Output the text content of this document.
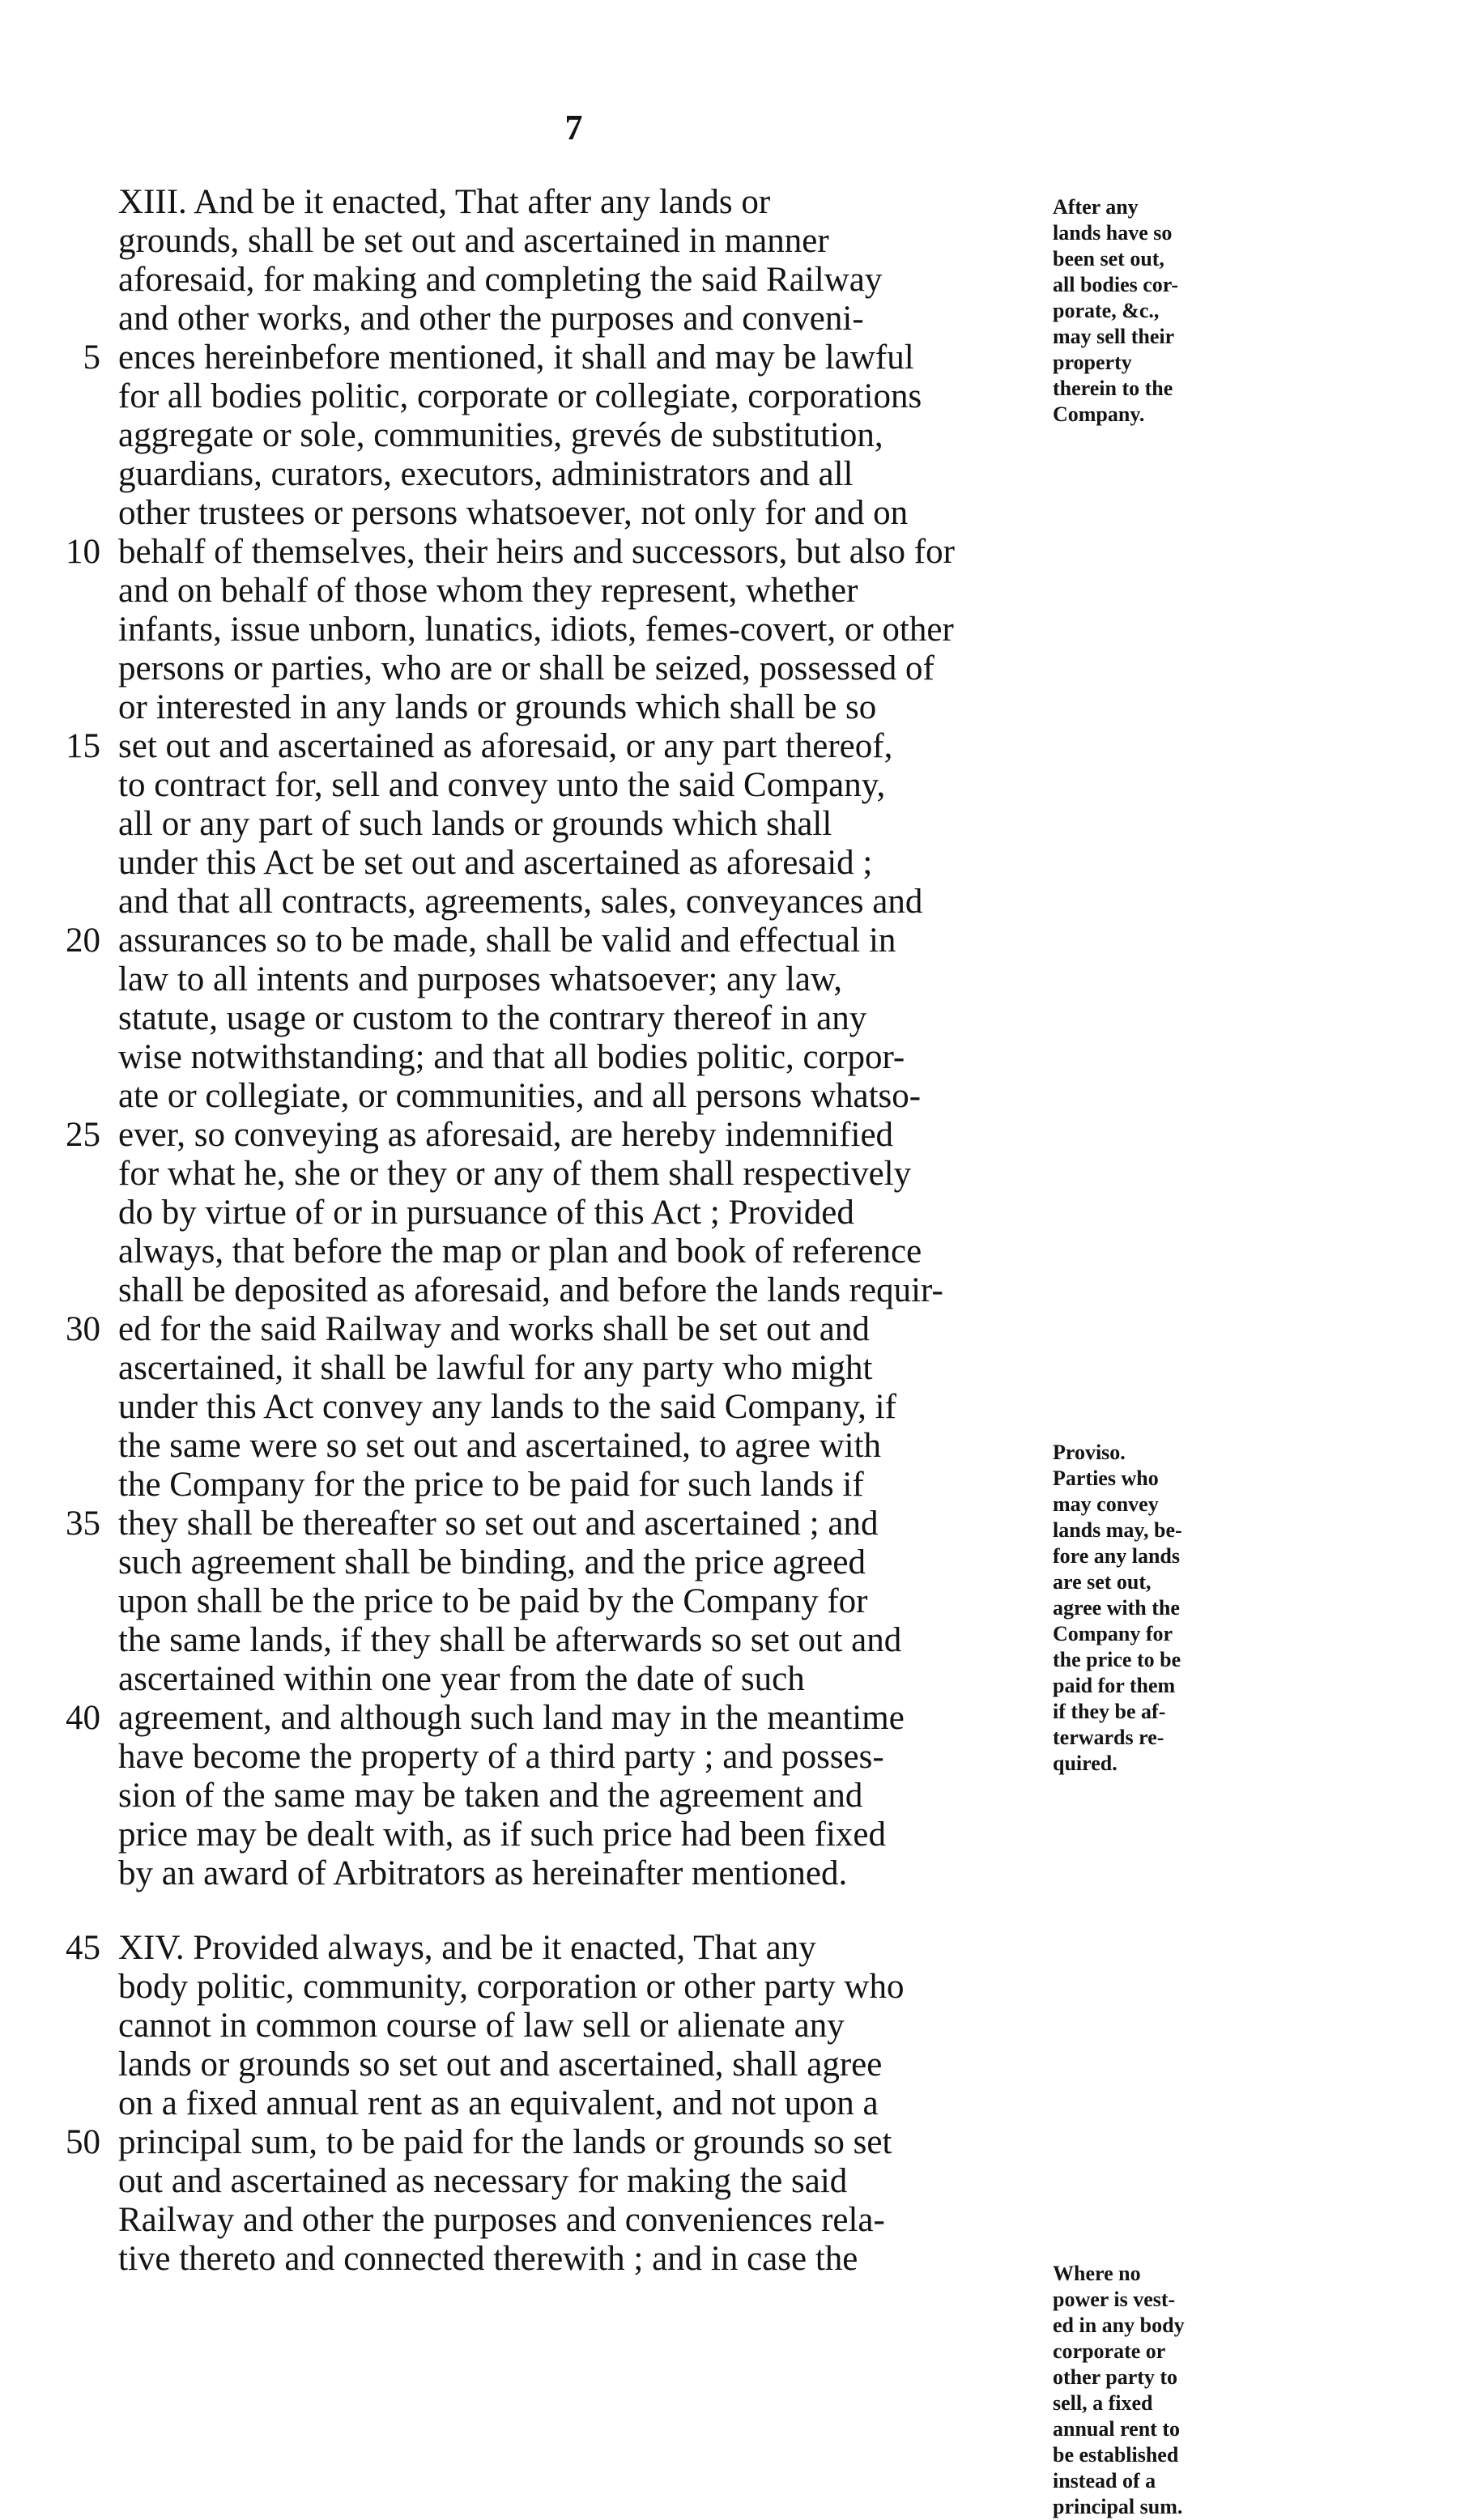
7
XIII. And be it enacted, That after any lands or
grounds, shall be set out and ascertained in manner
aforesaid, for making and completing the said Railway
and other works, and other the purposes and conveni-
5 ences hereinbefore mentioned, it shall and may be lawful
for all bodies politic, corporate or collegiate, corporations
aggregate or sole, communities, grevés de substitution,
guardians, curators, executors, administrators and all
other trustees or persons whatsoever, not only for and on
10 behalf of themselves, their heirs and successors, but also for
and on behalf of those whom they represent, whether
infants, issue unborn, lunatics, idiots, femes-covert, or other
persons or parties, who are or shall be seized, possessed of
or interested in any lands or grounds which shall be so
15 set out and ascertained as aforesaid, or any part thereof,
to contract for, sell and convey unto the said Company,
all or any part of such lands or grounds which shall
under this Act be set out and ascertained as aforesaid ;
and that all contracts, agreements, sales, conveyances and
20 assurances so to be made, shall be valid and effectual in
law to all intents and purposes whatsoever; any law,
statute, usage or custom to the contrary thereof in any
wise notwithstanding; and that all bodies politic, corpor-
ate or collegiate, or communities, and all persons whatso-
25 ever, so conveying as aforesaid, are hereby indemnified
for what he, she or they or any of them shall respectively
do by virtue of or in pursuance of this Act ; Provided
always, that before the map or plan and book of reference
shall be deposited as aforesaid, and before the lands requir-
30 ed for the said Railway and works shall be set out and
ascertained, it shall be lawful for any party who might
under this Act convey any lands to the said Company, if
the same were so set out and ascertained, to agree with
the Company for the price to be paid for such lands if
35 they shall be thereafter so set out and ascertained ; and
such agreement shall be binding, and the price agreed
upon shall be the price to be paid by the Company for
the same lands, if they shall be afterwards so set out and
ascertained within one year from the date of such
40 agreement, and although such land may in the meantime
have become the property of a third party ; and posses-
sion of the same may be taken and the agreement and
price may be dealt with, as if such price had been fixed
by an award of Arbitrators as hereinafter mentioned.
45 XIV. Provided always, and be it enacted, That any
body politic, community, corporation or other party who
cannot in common course of law sell or alienate any
lands or grounds so set out and ascertained, shall agree
on a fixed annual rent as an equivalent, and not upon a
50 principal sum, to be paid for the lands or grounds so set
out and ascertained as necessary for making the said
Railway and other the purposes and conveniences rela-
tive thereto and connected therewith ; and in case the
After any
lands have so
been set out,
all bodies cor-
porate, &c.,
may sell their
property
therein to the
Company.
Proviso.
Parties who
may convey
lands may, be-
fore any lands
are set out,
agree with the
Company for
the price to be
paid for them
if they be af-
terwards re-
quired.
Where no
power is vest-
ed in any body
corporate or
other party to
sell, a fixed
annual rent to
be established
instead of a
principal sum.
